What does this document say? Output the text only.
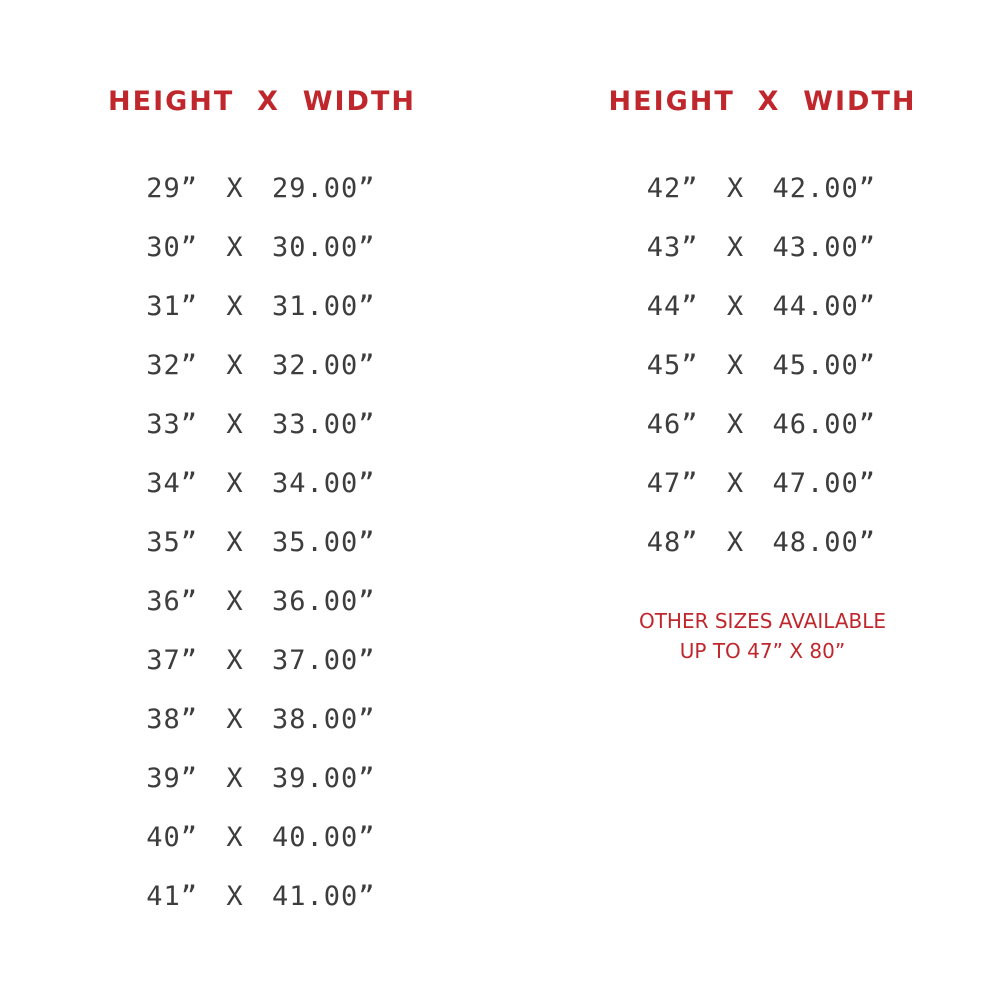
HEIGHT  X  WIDTH
29”	X	29.00”
30”	X	30.00”
31”	X	31.00”
32”	X	32.00”
33”	X	33.00”
34”	X	34.00”
35”	X	35.00”
36”	X	36.00”
37”	X	37.00”
38”	X	38.00”
39”	X	39.00”
40”	X	40.00”
41”	X	41.00”
HEIGHT  X  WIDTH
42”	X	42.00”
43”	X	43.00”
44”	X	44.00”
45”	X	45.00”
46”	X	46.00”
47”	X	47.00”
48”	X	48.00”
OTHER SIZES AVAILABLE
UP TO 47” X 80”
